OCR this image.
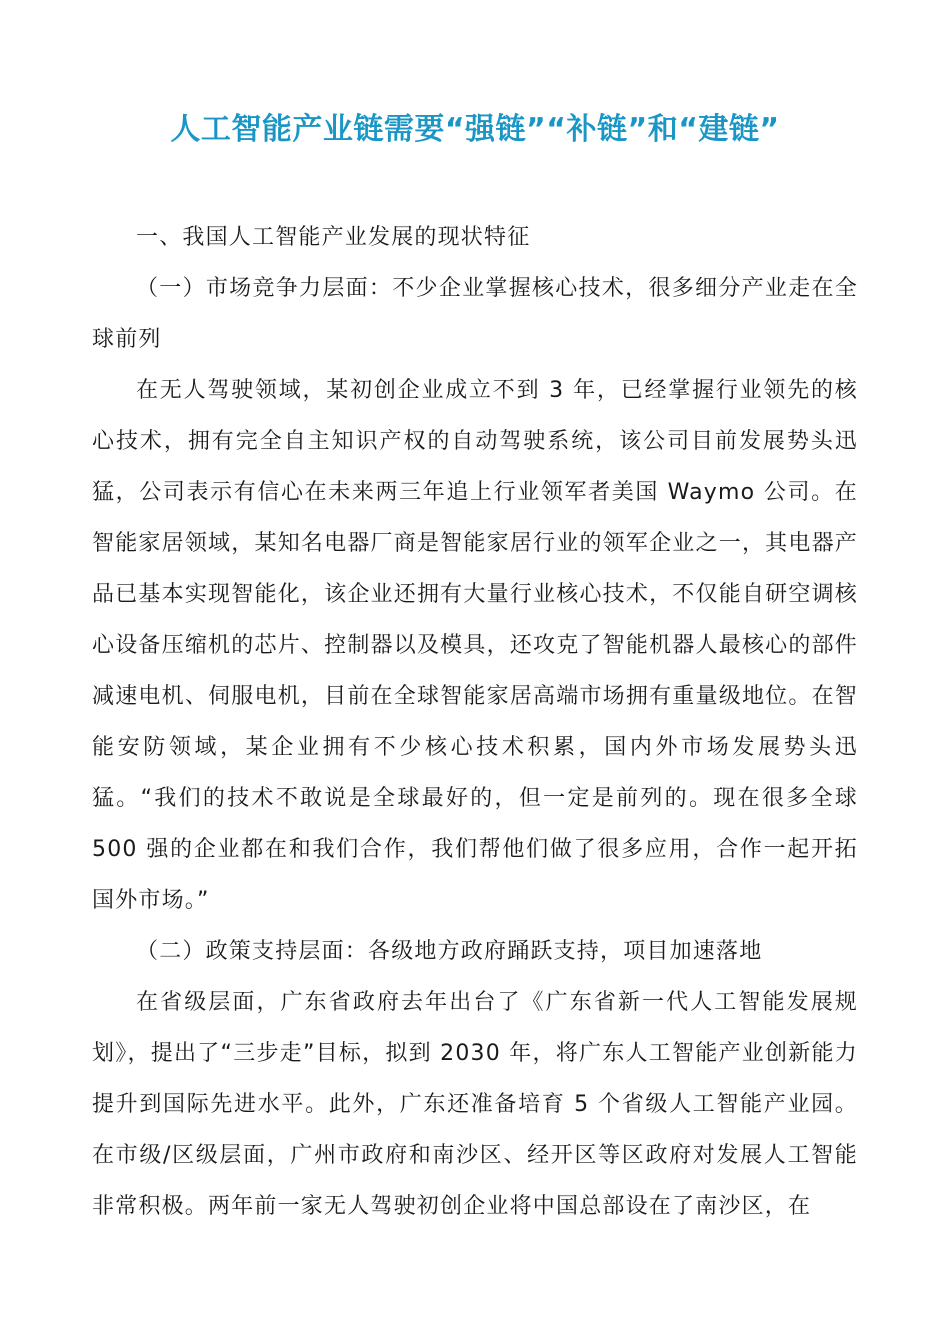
人工智能产业链需要“强链”“补链”和“建链”

一、我国人工智能产业发展的现状特征

（一）市场竞争力层面：不少企业掌握核心技术，很多细分产业走在全球前列

在无人驾驶领域，某初创企业成立不到 3 年，已经掌握行业领先的核心技术，拥有完全自主知识产权的自动驾驶系统，该公司目前发展势头迅猛，公司表示有信心在未来两三年追上行业领军者美国 Waymo 公司。在智能家居领域，某知名电器厂商是智能家居行业的领军企业之一，其电器产品已基本实现智能化，该企业还拥有大量行业核心技术，不仅能自研空调核心设备压缩机的芯片、控制器以及模具，还攻克了智能机器人最核心的部件减速电机、伺服电机，目前在全球智能家居高端市场拥有重量级地位。在智能安防领域，某企业拥有不少核心技术积累，国内外市场发展势头迅猛。“我们的技术不敢说是全球最好的，但一定是前列的。现在很多全球 500 强的企业都在和我们合作，我们帮他们做了很多应用，合作一起开拓国外市场。”

（二）政策支持层面：各级地方政府踊跃支持，项目加速落地

在省级层面，广东省政府去年出台了《广东省新一代人工智能发展规划》，提出了“三步走”目标，拟到 2030 年，将广东人工智能产业创新能力提升到国际先进水平。此外，广东还准备培育 5 个省级人工智能产业园。在市级/区级层面，广州市政府和南沙区、经开区等区政府对发展人工智能非常积极。两年前一家无人驾驶初创企业将中国总部设在了南沙区，在
